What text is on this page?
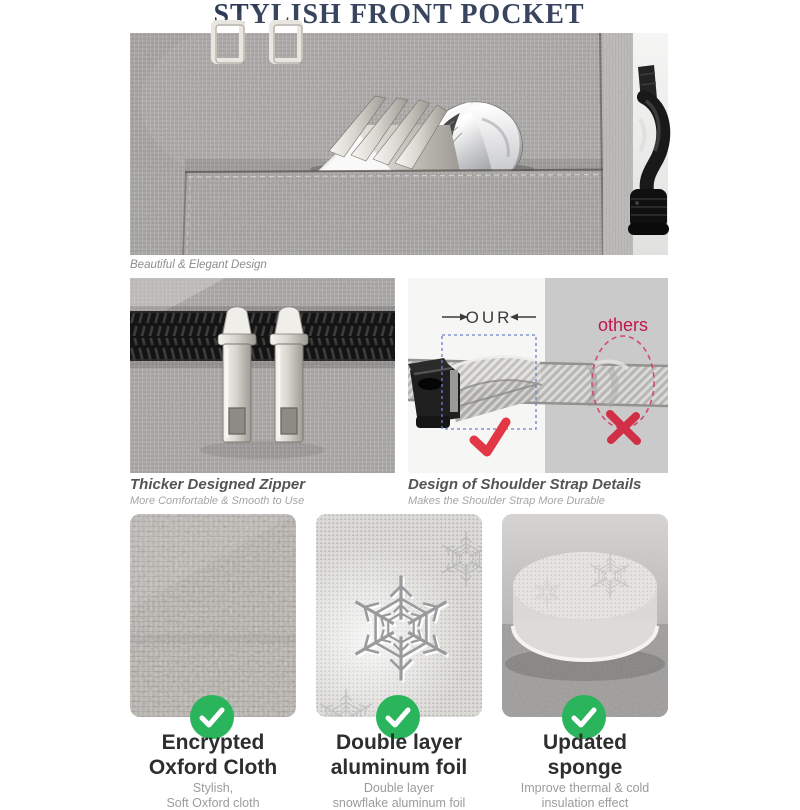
STYLISH FRONT POCKET
Beautiful & Elegant Design
OUR	others
Thicker Designed Zipper
More Comfortable & Smooth to Use
Design of Shoulder Strap Details
Makes the Shoulder Strap More Durable
Encrypted
Oxford Cloth
Stylish,
Soft Oxford cloth
Double layer
aluminum foil
Double layer
snowflake aluminum foil
Updated
sponge
Improve thermal & cold
insulation effect
